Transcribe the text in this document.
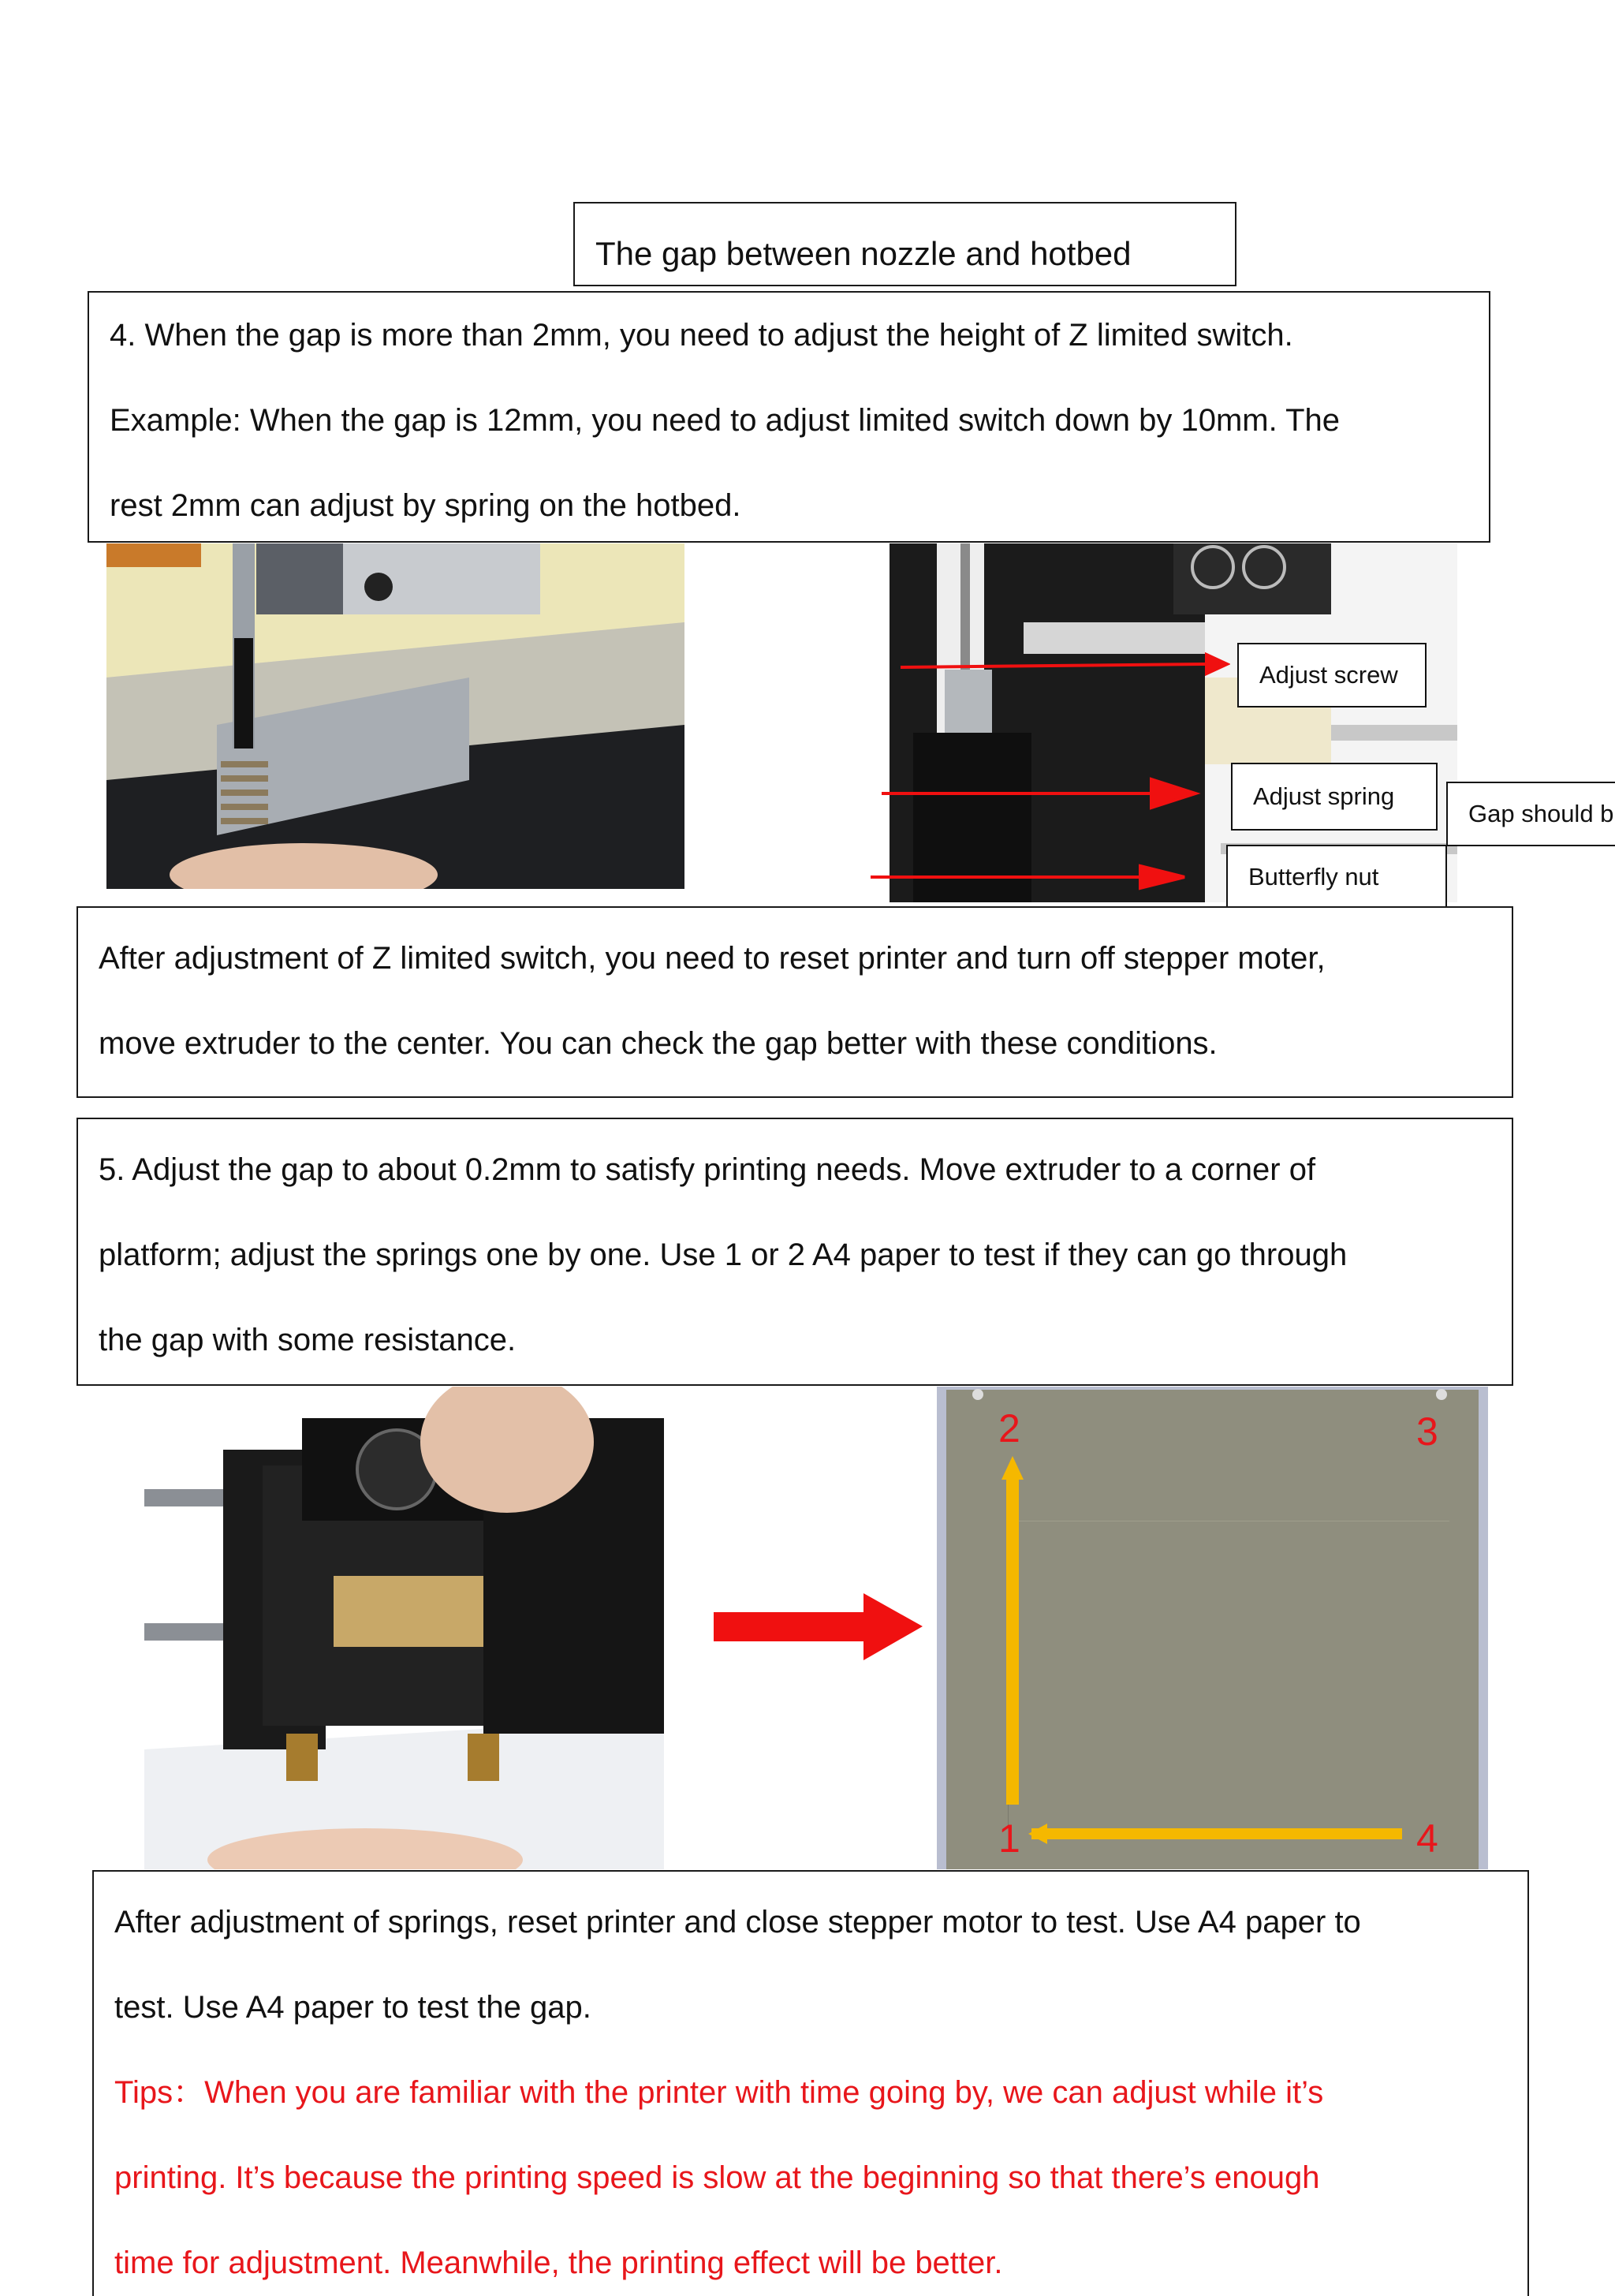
The gap between nozzle and hotbed

4. When the gap is more than 2mm, you need to adjust the height of Z limited switch.

Example: When the gap is 12mm, you need to adjust limited switch down by 10mm. The

rest 2mm can adjust by spring on the hotbed.

Adjust screw
Adjust spring
Butterfly nut
Gap should b

After adjustment of Z limited switch, you need to reset printer and turn off stepper moter,

move extruder to the center. You can check the gap better with these conditions.

5. Adjust the gap to about 0.2mm to satisfy printing needs. Move extruder to a corner of

platform; adjust the springs one by one. Use 1 or 2 A4 paper to test if they can go through

the gap with some resistance.

2	3
1	4

After adjustment of springs, reset printer and close stepper motor to test. Use A4 paper to

test. Use A4 paper to test the gap.

Tips：When you are familiar with the printer with time going by, we can adjust while it’s

printing. It’s because the printing speed is slow at the beginning so that there’s enough

time for adjustment. Meanwhile, the printing effect will be better.
